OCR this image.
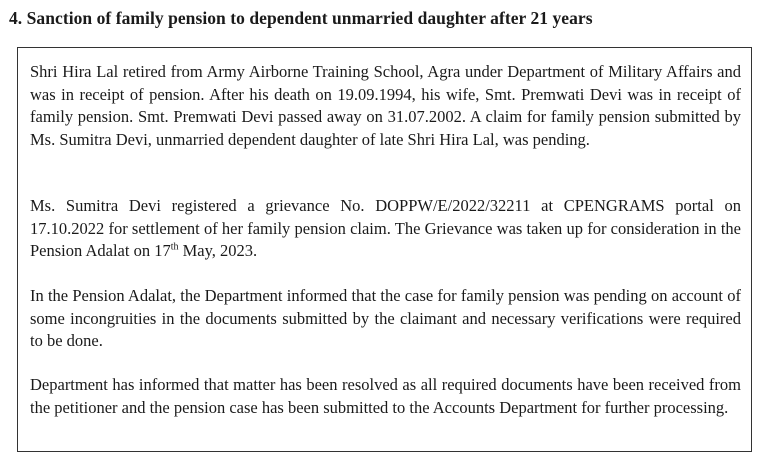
4. Sanction of family pension to dependent unmarried daughter after 21 years

Shri Hira Lal retired from Army Airborne Training School, Agra under Department of Military Affairs and was in receipt of pension. After his death on 19.09.1994, his wife, Smt. Premwati Devi was in receipt of family pension. Smt. Premwati Devi passed away on 31.07.2002. A claim for family pension submitted by Ms. Sumitra Devi, unmarried dependent daughter of late Shri Hira Lal, was pending.

Ms. Sumitra Devi registered a grievance No. DOPPW/E/2022/32211 at CPENGRAMS portal on 17.10.2022 for settlement of her family pension claim. The Grievance was taken up for consideration in the Pension Adalat on 17th May, 2023.

In the Pension Adalat, the Department informed that the case for family pension was pending on account of some incongruities in the documents submitted by the claimant and necessary verifications were required to be done.

Department has informed that matter has been resolved as all required documents have been received from the petitioner and the pension case has been submitted to the Accounts Department for further processing.
